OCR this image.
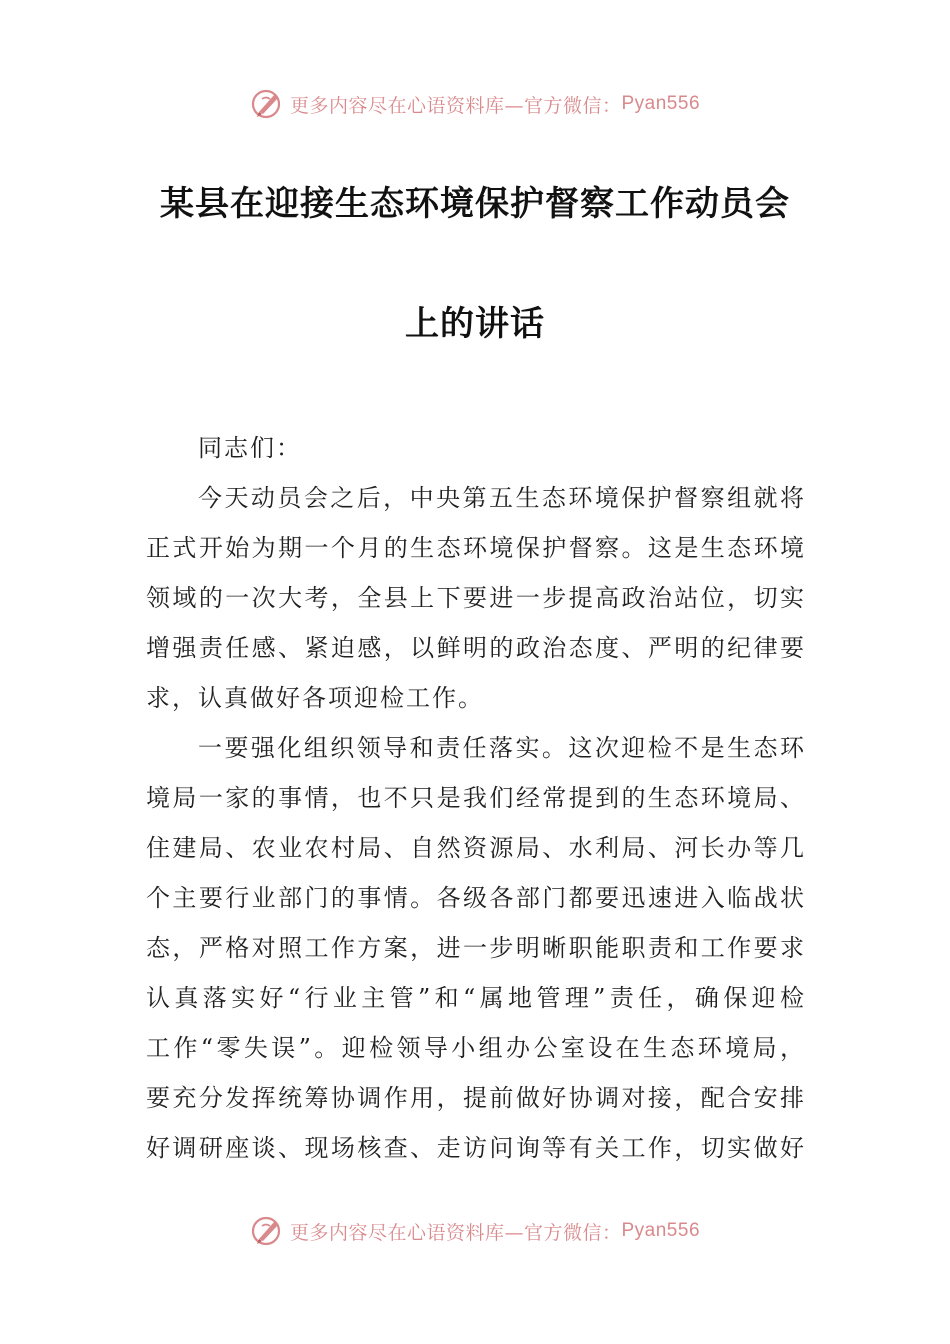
更多内容尽在心语资料库—官方微信： Pyan556
某县在迎接生态环境保护督察工作动员会
上的讲话
同志们：
今天动员会之后，中央第五生态环境保护督察组就将
正式开始为期一个月的生态环境保护督察。这是生态环境
领域的一次大考，全县上下要进一步提高政治站位，切实
增强责任感、紧迫感，以鲜明的政治态度、严明的纪律要
求，认真做好各项迎检工作。
一要强化组织领导和责任落实。这次迎检不是生态环
境局一家的事情，也不只是我们经常提到的生态环境局、
住建局、农业农村局、自然资源局、水利局、河长办等几
个主要行业部门的事情。各级各部门都要迅速进入临战状
态，严格对照工作方案，进一步明晰职能职责和工作要求
认真落实好“行业主管”和“属地管理”责任，确保迎检
工作“零失误”。迎检领导小组办公室设在生态环境局，
要充分发挥统筹协调作用，提前做好协调对接，配合安排
好调研座谈、现场核查、走访问询等有关工作，切实做好
更多内容尽在心语资料库—官方微信： Pyan556
